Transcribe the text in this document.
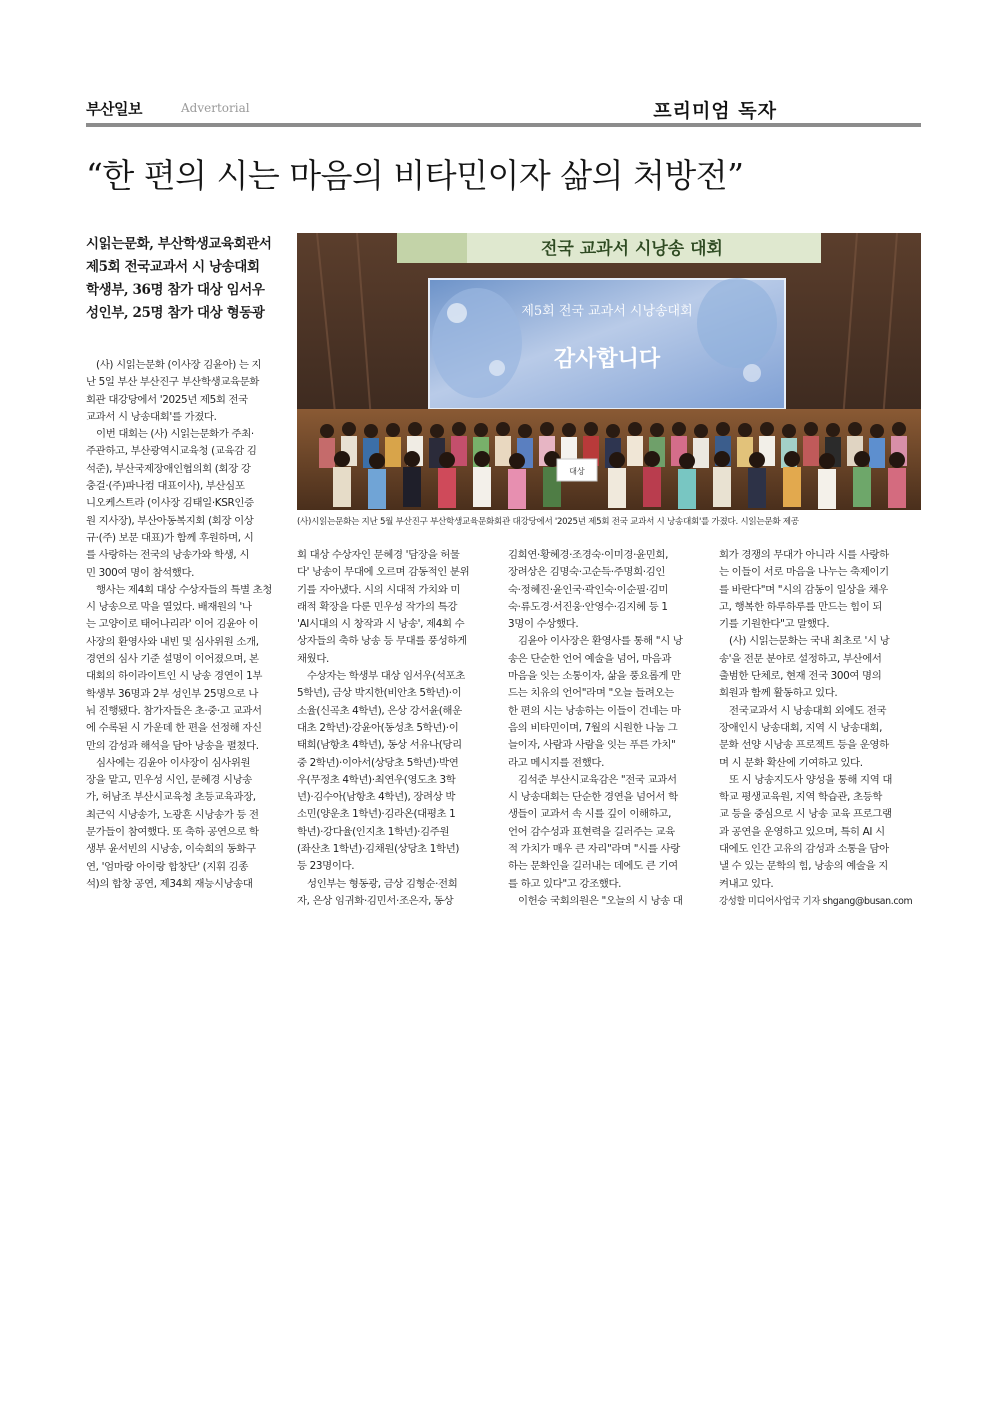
부산일보	Advertorial	프리미엄 독자
“한 편의 시는 마음의 비타민이자 삶의 처방전”
시읽는문화, 부산학생교육회관서
제5회 전국교과서 시 낭송대회
학생부, 36명 참가 대상 임서우
성인부, 25명 참가 대상 형동광
전국 교과서 시낭송 대회
제5회 전국 교과서 시낭송대회
감사합니다
대상
(사)시읽는문화는 지난 5월 부산진구 부산학생교육문화회관 대강당에서 '2025년 제5회 전국 교과서 시 낭송대회'를 가졌다. 시읽는문화 제공

　(사) 시읽는문화 (이사장 김윤아) 는 지

난 5일 부산 부산진구 부산학생교육문화

회관 대강당에서 '2025년 제5회 전국

교과서 시 낭송대회'를 가졌다.

　이번 대회는 (사) 시읽는문화가 주최·

주관하고, 부산광역시교육청 (교육감 김

석준), 부산국제장애인협의회 (회장 강

충걸·(주)파나컴 대표이사), 부산심포

니오케스트라 (이사장 김태일·KSR인증

원 지사장), 부산아동복지회 (회장 이상

규·(주) 보문 대표)가 함께 후원하며, 시

를 사랑하는 전국의 낭송가와 학생, 시

민 300여 명이 참석했다.

　행사는 제4회 대상 수상자들의 특별 초청

시 낭송으로 막을 열었다. 배재원의 '나

는 고양이로 태어나리라' 이어 김윤아 이

사장의 환영사와 내빈 및 심사위원 소개,

경연의 심사 기준 설명이 이어졌으며, 본

대회의 하이라이트인 시 낭송 경연이 1부

학생부 36명과 2부 성인부 25명으로 나

눠 진행됐다. 참가자들은 초·중·고 교과서

에 수록된 시 가운데 한 편을 선정해 자신

만의 감성과 해석을 담아 낭송을 펼쳤다.

　심사에는 김윤아 이사장이 심사위원

장을 맡고, 민우성 시인, 문혜경 시낭송

가, 허남조 부산시교육청 초등교육과장,

최근익 시낭송가, 노광흔 시낭송가 등 전

문가들이 참여했다. 또 축하 공연으로 학

생부 윤서빈의 시낭송, 이숙희의 동화구

연, '엄마랑 아이랑 합창단' (지휘 김종

석)의 합창 공연, 제34회 재능시낭송대

회 대상 수상자인 문혜경 '담장을 허물

다' 낭송이 무대에 오르며 감동적인 분위

기를 자아냈다. 시의 시대적 가치와 미

래적 확장을 다룬 민우성 작가의 특강

'AI시대의 시 창작과 시 낭송', 제4회 수

상자들의 축하 낭송 등 무대를 풍성하게

채웠다.

　수상자는 학생부 대상 임서우(석포초

5학년), 금상 박지한(비안초 5학년)·이

소율(신곡초 4학년), 은상 강서윤(해운

대초 2학년)·강윤아(동성초 5학년)·이

태희(남항초 4학년), 동상 서유나(당리

중 2학년)·이아서(상당초 5학년)·박연

우(무정초 4학년)·최연우(영도초 3학

년)·김수아(남항초 4학년), 장려상 박

소민(양운초 1학년)·김라온(대평초 1

학년)·강다율(인지초 1학년)·김주원

(좌산초 1학년)·김채원(상당초 1학년)

등 23명이다.

　성인부는 형동광, 금상 김형순·전희

자, 은상 임귀화·김민서·조은자, 동상

김희연·황혜경·조경숙·이미경·윤민희,

장려상은 김명숙·고순득·주명희·김인

숙·정혜진·윤인국·곽인숙·이순필·김미

숙·류도경·서진웅·안영수·김지혜 등 1

3명이 수상했다.

　김윤아 이사장은 환영사를 통해 "시 낭

송은 단순한 언어 예술을 넘어, 마음과

마음을 잇는 소통이자, 삶을 풍요롭게 만

드는 치유의 언어"라며 "오늘 들려오는

한 편의 시는 낭송하는 이들이 건네는 마

음의 비타민이며, 7월의 시원한 나눔 그

늘이자, 사람과 사람을 잇는 푸른 가치"

라고 메시지를 전했다.

　김석준 부산시교육감은 "전국 교과서

시 낭송대회는 단순한 경연을 넘어서 학

생들이 교과서 속 시를 깊이 이해하고,

언어 감수성과 표현력을 길러주는 교육

적 가치가 매우 큰 자리"라며 "시를 사랑

하는 문화인을 길러내는 데에도 큰 기여

를 하고 있다"고 강조했다.

　이헌승 국회의원은 "오늘의 시 낭송 대

회가 경쟁의 무대가 아니라 시를 사랑하

는 이들이 서로 마음을 나누는 축제이기

를 바란다"며 "시의 감동이 일상을 채우

고, 행복한 하루하루를 만드는 힘이 되

기를 기원한다"고 말했다.

　(사) 시읽는문화는 국내 최초로 '시 낭

송'을 전문 분야로 설정하고, 부산에서

출범한 단체로, 현재 전국 300여 명의

회원과 함께 활동하고 있다.

　전국교과서 시 낭송대회 외에도 전국

장애인시 낭송대회, 지역 시 낭송대회,

문화 선양 시낭송 프로젝트 등을 운영하

며 시 문화 확산에 기여하고 있다.

　또 시 낭송지도사 양성을 통해 지역 대

학교 평생교육원, 지역 학습관, 초등학

교 등을 중심으로 시 낭송 교육 프로그램

과 공연을 운영하고 있으며, 특히 AI 시

대에도 인간 고유의 감성과 소통을 담아

낼 수 있는 문학의 힘, 낭송의 예술을 지

켜내고 있다.

강성할 미디어사업국 기자 shgang@busan.com
